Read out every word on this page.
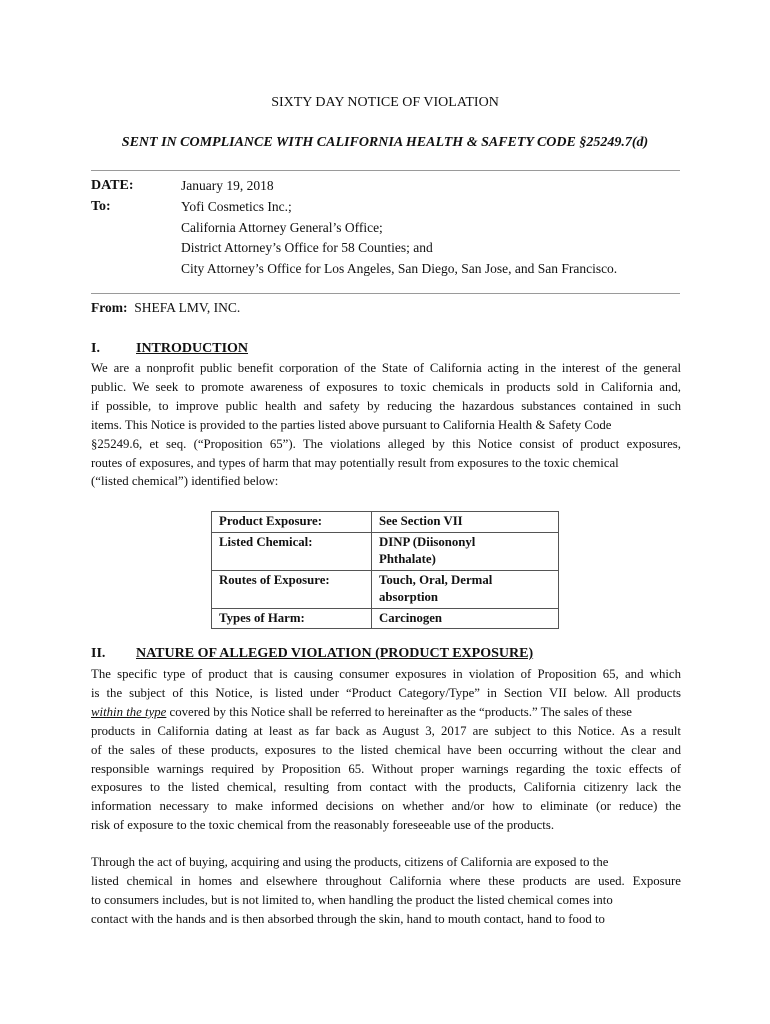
SIXTY DAY NOTICE OF VIOLATION
SENT IN COMPLIANCE WITH CALIFORNIA HEALTH & SAFETY CODE §25249.7(d)
DATE:	January 19, 2018
To:	Yofi Cosmetics Inc.;
California Attorney General’s Office;
District Attorney’s Office for 58 Counties; and
City Attorney’s Office for Los Angeles, San Diego, San Jose, and San Francisco.
From: SHEFA LMV, INC.
I.	INTRODUCTION
We are a nonprofit public benefit corporation of the State of California acting in the interest of the general
public. We seek to promote awareness of exposures to toxic chemicals in products sold in California and,
if possible, to improve public health and safety by reducing the hazardous substances contained in such
items. This Notice is provided to the parties listed above pursuant to California Health & Safety Code
§25249.6, et seq. (“Proposition 65”). The violations alleged by this Notice consist of product exposures,
routes of exposures, and types of harm that may potentially result from exposures to the toxic chemical
(“listed chemical”) identified below:
Product Exposure:	See Section VII
Listed Chemical:	DINP (Diisononyl
Phthalate)
Routes of Exposure:	Touch, Oral, Dermal
absorption
Types of Harm:	Carcinogen
II. NATURE OF ALLEGED VIOLATION (PRODUCT EXPOSURE)
The specific type of product that is causing consumer exposures in violation of Proposition 65, and which
is the subject of this Notice, is listed under “Product Category/Type” in Section VII below. All products
within the type covered by this Notice shall be referred to hereinafter as the “products.” The sales of these
products in California dating at least as far back as August 3, 2017 are subject to this Notice. As a result
of the sales of these products, exposures to the listed chemical have been occurring without the clear and
responsible warnings required by Proposition 65. Without proper warnings regarding the toxic effects of
exposures to the listed chemical, resulting from contact with the products, California citizenry lack the
information necessary to make informed decisions on whether and/or how to eliminate (or reduce) the
risk of exposure to the toxic chemical from the reasonably foreseeable use of the products.
Through the act of buying, acquiring and using the products, citizens of California are exposed to the
listed chemical in homes and elsewhere throughout California where these products are used. Exposure
to consumers includes, but is not limited to, when handling the product the listed chemical comes into
contact with the hands and is then absorbed through the skin, hand to mouth contact, hand to food to
